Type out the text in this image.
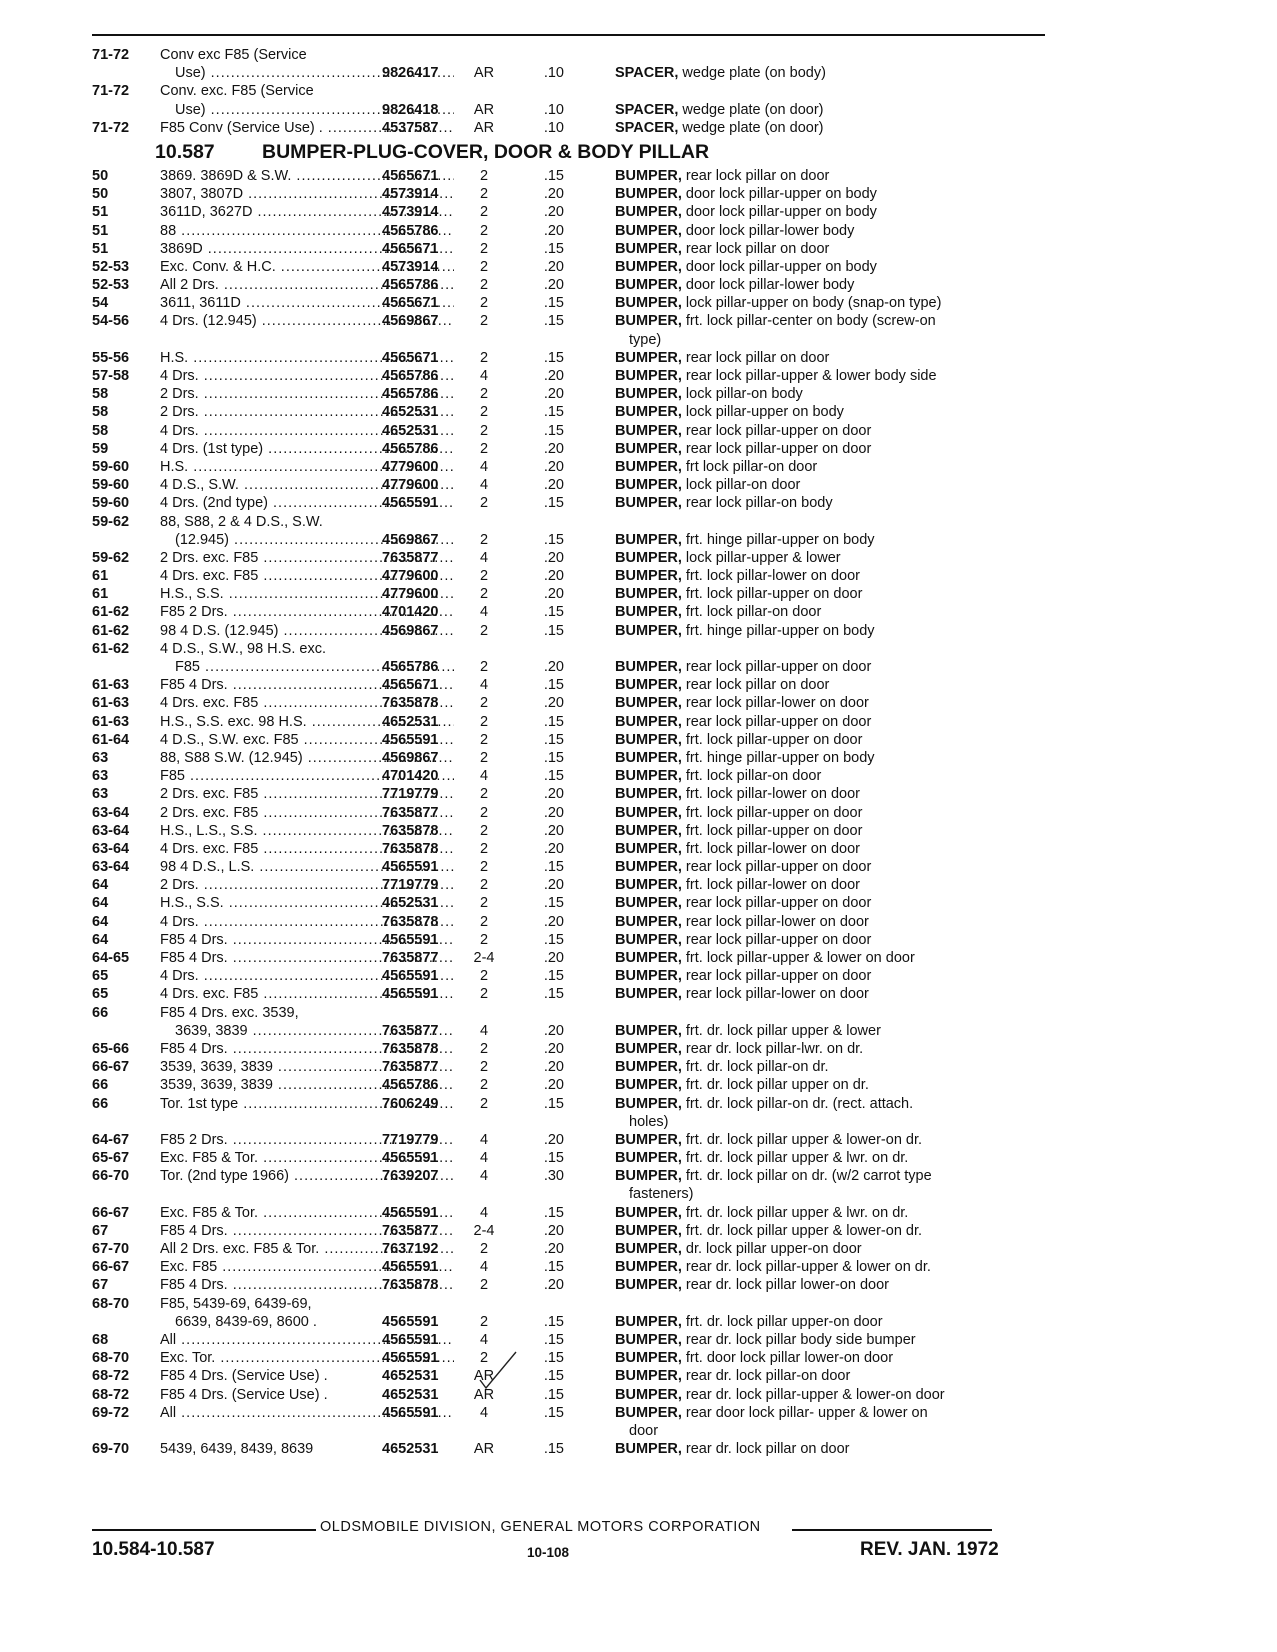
71-72 Conv exc F85 (Service
Use) .....	9826417	AR	.10	SPACER, wedge plate (on body)
71-72 Conv. exc. F85 (Service
Use) .....	9826418	AR	.10	SPACER, wedge plate (on door)
71-72 F85 Conv (Service Use) . .....	4537587	AR	.10	SPACER, wedge plate (on door)
10.587 BUMPER-PLUG-COVER, DOOR & BODY PILLAR
50	3869. 3869D & S.W. .....	4565671	2	.15	BUMPER, rear lock pillar on door
50	3807, 3807D .....	4573914	2	.20	BUMPER, door lock pillar-upper on body
51	3611D, 3627D .....	4573914	2	.20	BUMPER, door lock pillar-upper on body
51	88 .....	4565786	2	.20	BUMPER, door lock pillar-lower body
51	3869D .....	4565671	2	.15	BUMPER, rear lock pillar on door
52-53 Exc. Conv. & H.C. .....	4573914	2	.20	BUMPER, door lock pillar-upper on body
52-53 All 2 Drs. .....	4565786	2	.20	BUMPER, door lock pillar-lower body
54	3611, 3611D .....	4565671	2	.15	BUMPER, lock pillar-upper on body (snap-on type)
54-56 4 Drs. (12.945) .....	4569867	2	.15	BUMPER, frt. lock pillar-center on body (screw-on
type)
55-56 H.S. .....	4565671	2	.15	BUMPER, rear lock pillar on door
57-58 4 Drs. .....	4565786	4	.20	BUMPER, rear lock pillar-upper & lower body side
58	2 Drs. .....	4565786	2	.20	BUMPER, lock pillar-on body
58	2 Drs. .....	4652531	2	.15	BUMPER, lock pillar-upper on body
58	4 Drs. .....	4652531	2	.15	BUMPER, rear lock pillar-upper on door
59	4 Drs. (1st type) .....	4565786	2	.20	BUMPER, rear lock pillar-upper on door
59-60 H.S. .....	4779600	4	.20	BUMPER, frt lock pillar-on door
59-60 4 D.S., S.W. .....	4779600	4	.20	BUMPER, lock pillar-on door
59-60 4 Drs. (2nd type) .....	4565591	2	.15	BUMPER, rear lock pillar-on body
59-62 88, S88, 2 & 4 D.S., S.W.
(12.945) .....	4569867	2	.15	BUMPER, frt. hinge pillar-upper on body
59-62 2 Drs. exc. F85 .....	7635877	4	.20	BUMPER, lock pillar-upper & lower
61	4 Drs. exc. F85 .....	4779600	2	.20	BUMPER, frt. lock pillar-lower on door
61	H.S., S.S. .....	4779600	2	.20	BUMPER, frt. lock pillar-upper on door
61-62 F85 2 Drs. .....	4701420	4	.15	BUMPER, frt. lock pillar-on door
61-62 98 4 D.S. (12.945) .....	4569867	2	.15	BUMPER, frt. hinge pillar-upper on body
61-62 4 D.S., S.W., 98 H.S. exc.
F85 .....	4565786	2	.20	BUMPER, rear lock pillar-upper on door
61-63 F85 4 Drs. .....	4565671	4	.15	BUMPER, rear lock pillar on door
61-63 4 Drs. exc. F85 .....	7635878	2	.20	BUMPER, rear lock pillar-lower on door
61-63 H.S., S.S. exc. 98 H.S. .....	4652531	2	.15	BUMPER, rear lock pillar-upper on door
61-64 4 D.S., S.W. exc. F85 .....	4565591	2	.15	BUMPER, frt. lock pillar-upper on door
63	88, S88 S.W. (12.945) .....	4569867	2	.15	BUMPER, frt. hinge pillar-upper on body
63	F85 .....	4701420	4	.15	BUMPER, frt. lock pillar-on door
63	2 Drs. exc. F85 .....	7719779	2	.20	BUMPER, frt. lock pillar-lower on door
63-64 2 Drs. exc. F85 .....	7635877	2	.20	BUMPER, frt. lock pillar-upper on door
63-64 H.S., L.S., S.S. .....	7635878	2	.20	BUMPER, frt. lock pillar-upper on door
63-64 4 Drs. exc. F85 .....	7635878	2	.20	BUMPER, frt. lock pillar-lower on door
63-64 98 4 D.S., L.S. .....	4565591	2	.15	BUMPER, rear lock pillar-upper on door
64	2 Drs. .....	7719779	2	.20	BUMPER, frt. lock pillar-lower on door
64	H.S., S.S. .....	4652531	2	.15	BUMPER, rear lock pillar-upper on door
64	4 Drs. .....	7635878	2	.20	BUMPER, rear lock pillar-lower on door
64	F85 4 Drs. .....	4565591	2	.15	BUMPER, rear lock pillar-upper on door
64-65 F85 4 Drs. .....	7635877	2-4	.20	BUMPER, frt. lock pillar-upper & lower on door
65	4 Drs. .....	4565591	2	.15	BUMPER, rear lock pillar-upper on door
65	4 Drs. exc. F85 .....	4565591	2	.15	BUMPER, rear lock pillar-lower on door
66	F85 4 Drs. exc. 3539,
3639, 3839 .....	7635877	4	.20	BUMPER, frt. dr. lock pillar upper & lower
65-66 F85 4 Drs. .....	7635878	2	.20	BUMPER, rear dr. lock pillar-lwr. on dr.
66-67 3539, 3639, 3839 .....	7635877	2	.20	BUMPER, frt. dr. lock pillar-on dr.
66	3539, 3639, 3839 .....	4565786	2	.20	BUMPER, frt. dr. lock pillar upper on dr.
66	Tor. 1st type .....	7606249	2	.15	BUMPER, frt. dr. lock pillar-on dr. (rect. attach.
holes)
64-67 F85 2 Drs. .....	7719779	4	.20	BUMPER, frt. dr. lock pillar upper & lower-on dr.
65-67 Exc. F85 & Tor. .....	4565591	4	.15	BUMPER, frt. dr. lock pillar upper & lwr. on dr.
66-70 Tor. (2nd type 1966) .....	7639207	4	.30	BUMPER, frt. dr. lock pillar on dr. (w/2 carrot type
fasteners)
66-67 Exc. F85 & Tor. .....	4565591	4	.15	BUMPER, frt. dr. lock pillar upper & lwr. on dr.
67	F85 4 Drs. .....	7635877	2-4	.20	BUMPER, frt. dr. lock pillar upper & lower-on dr.
67-70 All 2 Drs. exc. F85 & Tor. .....	7637192	2	.20	BUMPER, dr. lock pillar upper-on door
66-67 Exc. F85 .....	4565591	4	.15	BUMPER, rear dr. lock pillar-upper & lower on dr.
67	F85 4 Drs. .....	7635878	2	.20	BUMPER, rear dr. lock pillar lower-on door
68-70 F85, 5439-69, 6439-69,
6639, 8439-69, 8600 .	4565591	2	.15	BUMPER, frt. dr. lock pillar upper-on door
68	All .....	4565591	4	.15	BUMPER, rear dr. lock pillar body side bumper
68-70 Exc. Tor. .....	4565591	2	.15	BUMPER, frt. door lock pillar lower-on door
68-72 F85 4 Drs. (Service Use) .	4652531	AR	.15	BUMPER, rear dr. lock pillar-on door
68-72 F85 4 Drs. (Service Use) .	4652531	AR	.15	BUMPER, rear dr. lock pillar-upper & lower-on door
69-72 All .....	4565591	4	.15	BUMPER, rear door lock pillar- upper & lower on
door
69-70 5439, 6439, 8439, 8639	4652531	AR	.15	BUMPER, rear dr. lock pillar on door
OLDSMOBILE DIVISION, GENERAL MOTORS CORPORATION
10.584-10.587	10-108	REV. JAN. 1972
